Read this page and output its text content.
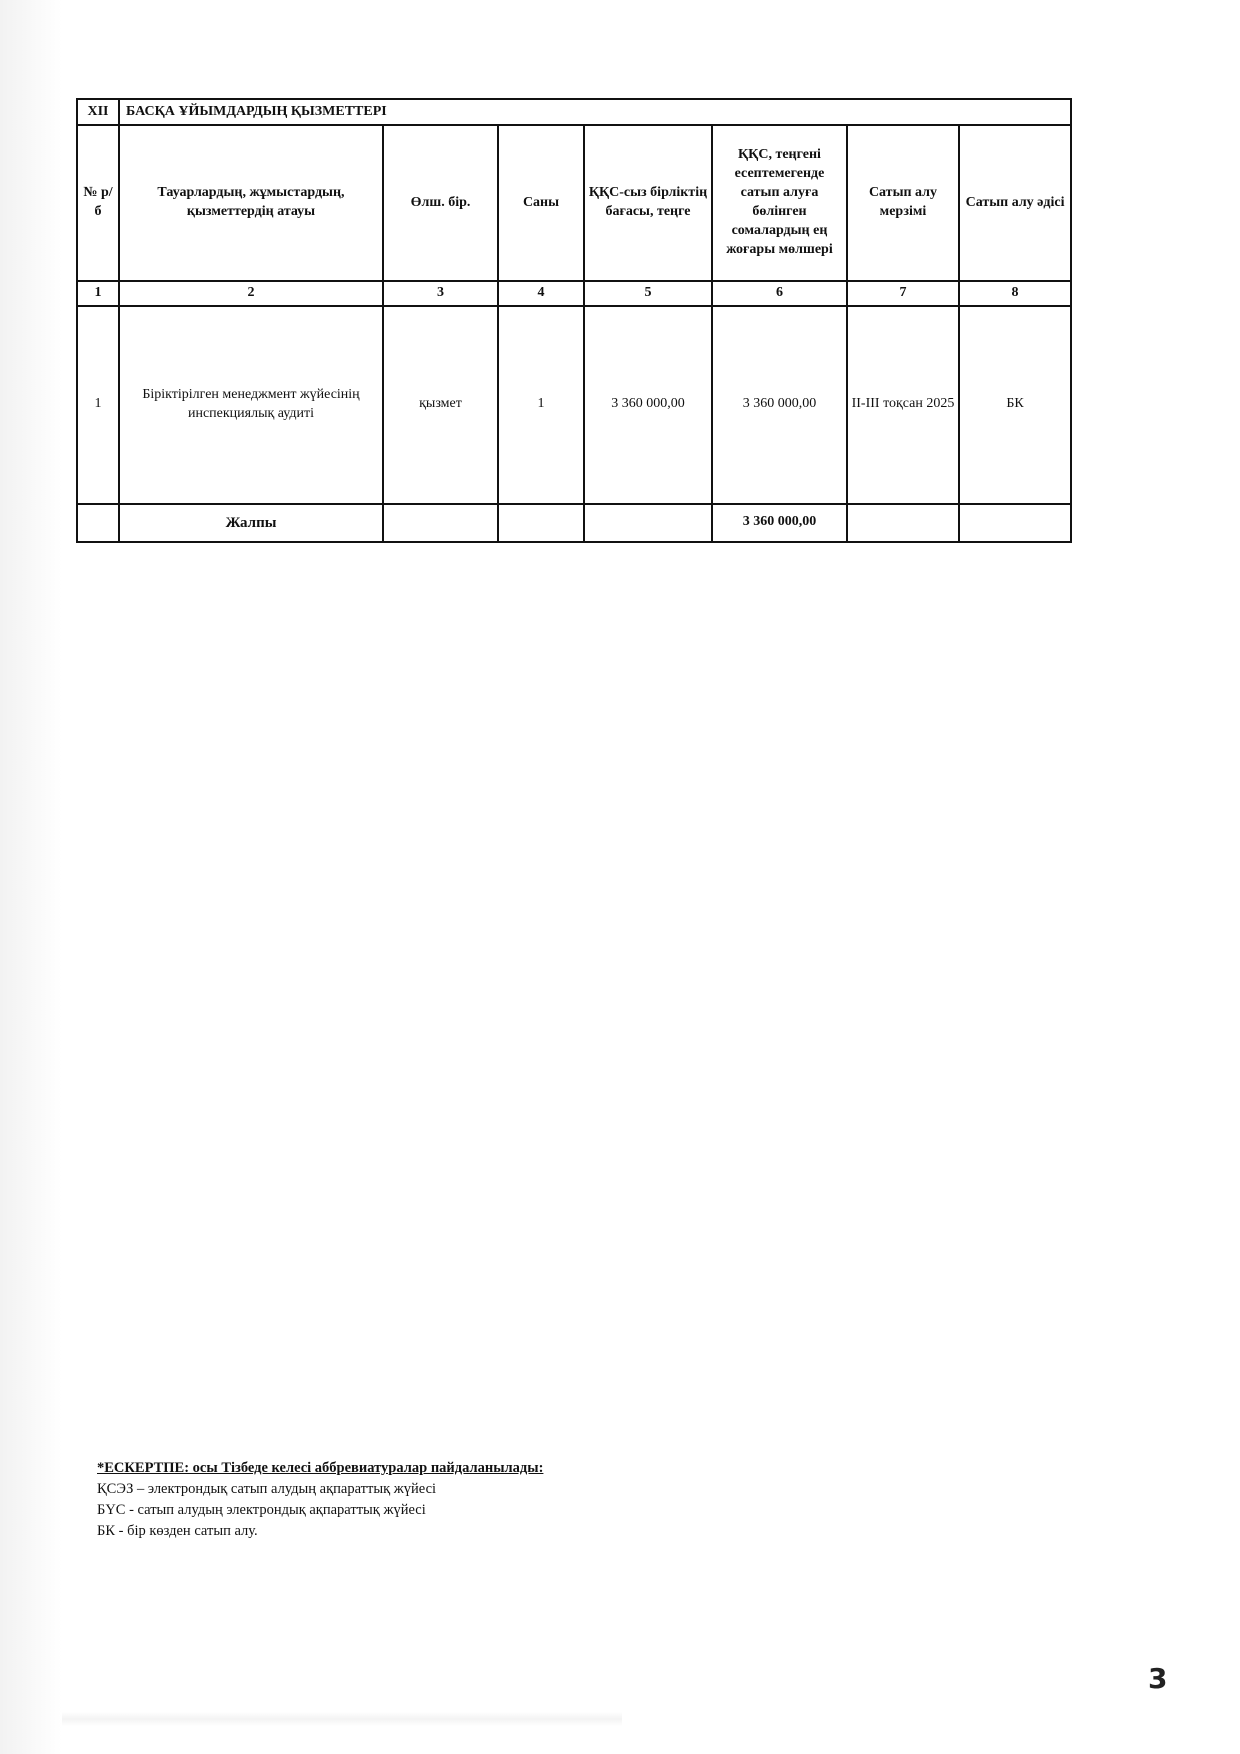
XII	БАСҚА ҰЙЫМДАРДЫҢ ҚЫЗМЕТТЕРІ						
№ р/б	Тауарлардың, жұмыстардың, қызметтердің атауы	Өлш. бір.	Саны	ҚҚС-сыз бірліктің бағасы, теңге	ҚҚС, теңгені есептемегенде сатып алуға бөлінген сомалардың ең жоғары мөлшері	Сатып алу мерзімі	Сатып алу әдісі
1	2	3	4	5	6	7	8
1	Біріктірілген менеджмент жүйесінің инспекциялық аудиті	қызмет	1	3 360 000,00	3 360 000,00	ІІ-ІІІ тоқсан 2025	БК
	Жалпы				3 360 000,00		
*ЕСКЕРТПЕ: осы Тізбеде келесі аббревиатуралар пайдаланылады:
ҚСЭЗ – электрондық сатып алудың ақпараттық жүйесі
БҮС - сатып алудың электрондық ақпараттық жүйесі
БК - бір көзден сатып алу.
3
